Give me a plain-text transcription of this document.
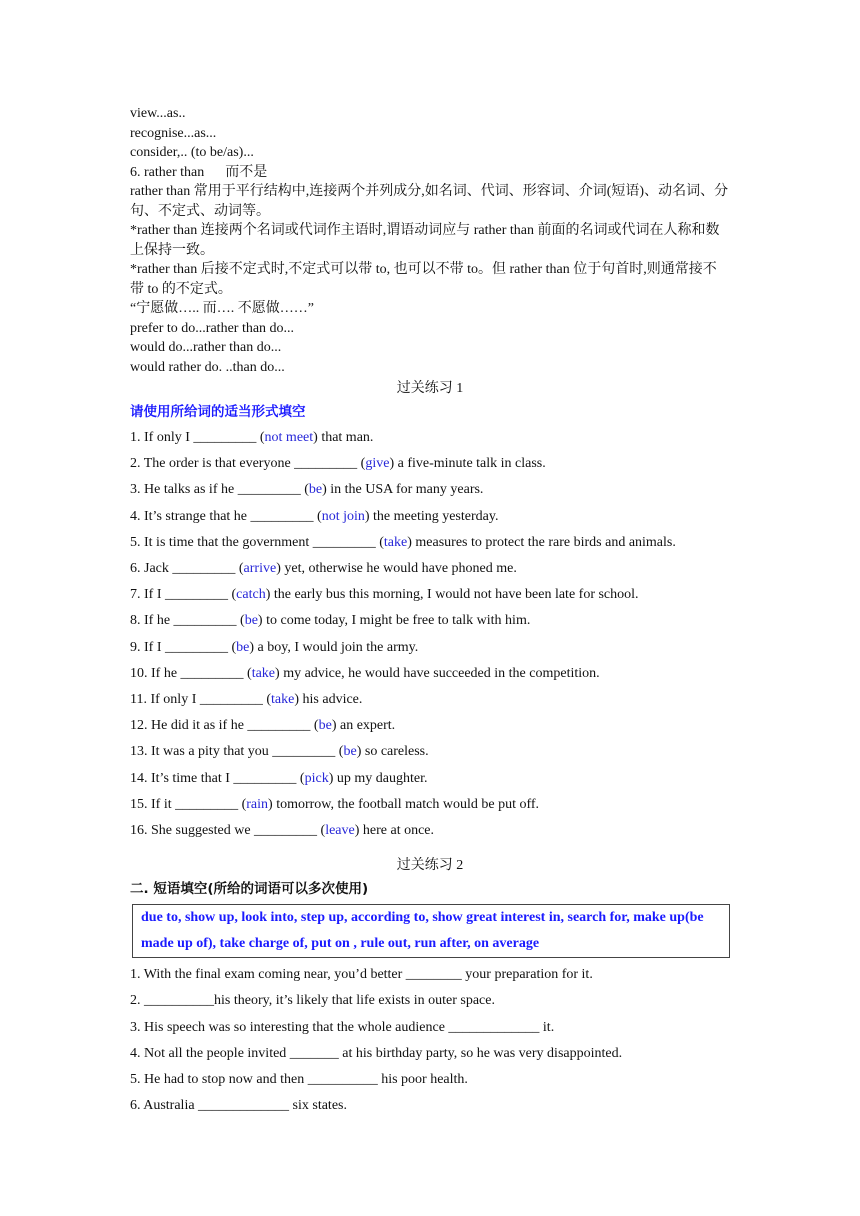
view...as..
recognise...as...
consider,.. (to be/as)...
6. rather than      而不是
rather than 常用于平行结构中,连接两个并列成分,如名词、代词、形容词、介词(短语)、动名词、分句、不定式、动词等。
*rather than 连接两个名词或代词作主语时,谓语动词应与 rather than 前面的名词或代词在人称和数上保持一致。
*rather than 后接不定式时,不定式可以带 to, 也可以不带 to。但 rather than 位于句首时,则通常接不带 to 的不定式。
“宁愿做….. 而…. 不愿做……”
prefer to do...rather than do...
would do...rather than do...
would rather do. ..than do...
过关练习 1
请使用所给词的适当形式填空
1. If only I _________ (not meet) that man.
2. The order is that everyone _________ (give) a five-minute talk in class.
3. He talks as if he _________ (be) in the USA for many years.
4. It’s strange that he _________ (not join) the meeting yesterday.
5. It is time that the government _________ (take) measures to protect the rare birds and animals.
6. Jack _________ (arrive) yet, otherwise he would have phoned me.
7. If I _________ (catch) the early bus this morning, I would not have been late for school.
8. If he _________ (be) to come today, I might be free to talk with him.
9. If I _________ (be) a boy, I would join the army.
10. If he _________ (take) my advice, he would have succeeded in the competition.
11. If only I _________ (take) his advice.
12. He did it as if he _________ (be) an expert.
13. It was a pity that you _________ (be) so careless.
14. It’s time that I _________ (pick) up my daughter.
15. If it _________ (rain) tomorrow, the football match would be put off.
16. She suggested we _________ (leave) here at once.
过关练习 2
二. 短语填空(所给的词语可以多次使用)
due to, show up, look into, step up, according to, show great interest in, search for, make up(be made up of), take charge of, put on , rule out, run after, on average
1. With the final exam coming near, you’d better ________ your preparation for it.
2. __________his theory, it’s likely that life exists in outer space.
3. His speech was so interesting that the whole audience _____________ it.
4. Not all the people invited _______ at his birthday party, so he was very disappointed.
5. He had to stop now and then __________ his poor health.
6. Australia _____________ six states.
